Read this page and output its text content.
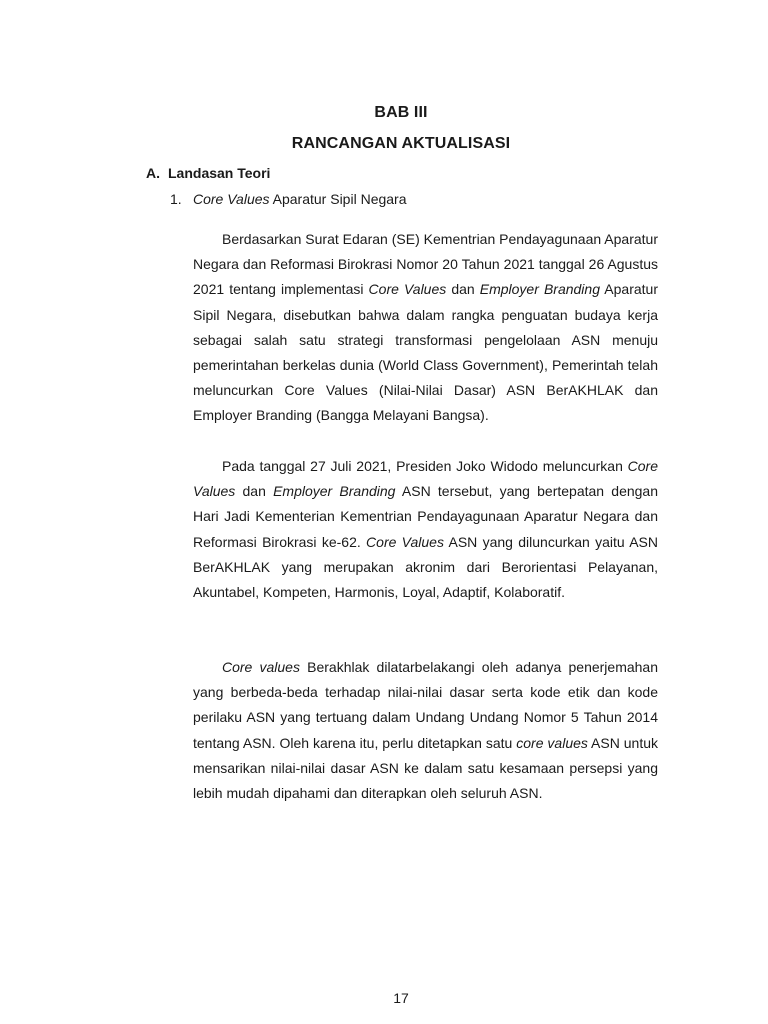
BAB III
RANCANGAN AKTUALISASI
A. Landasan Teori
1. Core Values Aparatur Sipil Negara

Berdasarkan Surat Edaran (SE) Kementrian Pendayagunaan Aparatur Negara dan Reformasi Birokrasi Nomor 20 Tahun 2021 tanggal 26 Agustus 2021 tentang implementasi Core Values dan Employer Branding Aparatur Sipil Negara, disebutkan bahwa dalam rangka penguatan budaya kerja sebagai salah satu strategi transformasi pengelolaan ASN menuju pemerintahan berkelas dunia (World Class Government), Pemerintah telah meluncurkan Core Values (Nilai-Nilai Dasar) ASN BerAKHLAK dan Employer Branding (Bangga Melayani Bangsa).

Pada tanggal 27 Juli 2021, Presiden Joko Widodo meluncurkan Core Values dan Employer Branding ASN tersebut, yang bertepatan dengan Hari Jadi Kementerian Kementrian Pendayagunaan Aparatur Negara dan Reformasi Birokrasi ke-62. Core Values ASN yang diluncurkan yaitu ASN BerAKHLAK yang merupakan akronim dari Berorientasi Pelayanan, Akuntabel, Kompeten, Harmonis, Loyal, Adaptif, Kolaboratif.

Core values Berakhlak dilatarbelakangi oleh adanya penerjemahan yang berbeda-beda terhadap nilai-nilai dasar serta kode etik dan kode perilaku ASN yang tertuang dalam Undang Undang Nomor 5 Tahun 2014 tentang ASN. Oleh karena itu, perlu ditetapkan satu core values ASN untuk mensarikan nilai-nilai dasar ASN ke dalam satu kesamaan persepsi yang lebih mudah dipahami dan diterapkan oleh seluruh ASN.

17
